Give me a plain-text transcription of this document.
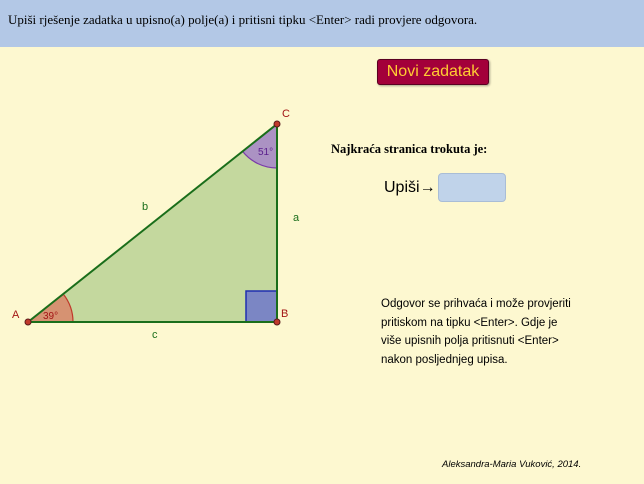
Upiši rješenje zadatka u upisno(a) polje(a) i pritisni tipku <Enter> radi provjere odgovora.
Novi zadatak
A	B
C
b
a
c
39°
51°	Najkraća stranica trokuta je:
Upiši→
Odgovor se prihvaća i može provjeriti
pritiskom na tipku <Enter>. Gdje je
više upisnih polja pritisnuti <Enter>
nakon posljednjeg upisa.
Aleksandra-Maria Vuković, 2014.
